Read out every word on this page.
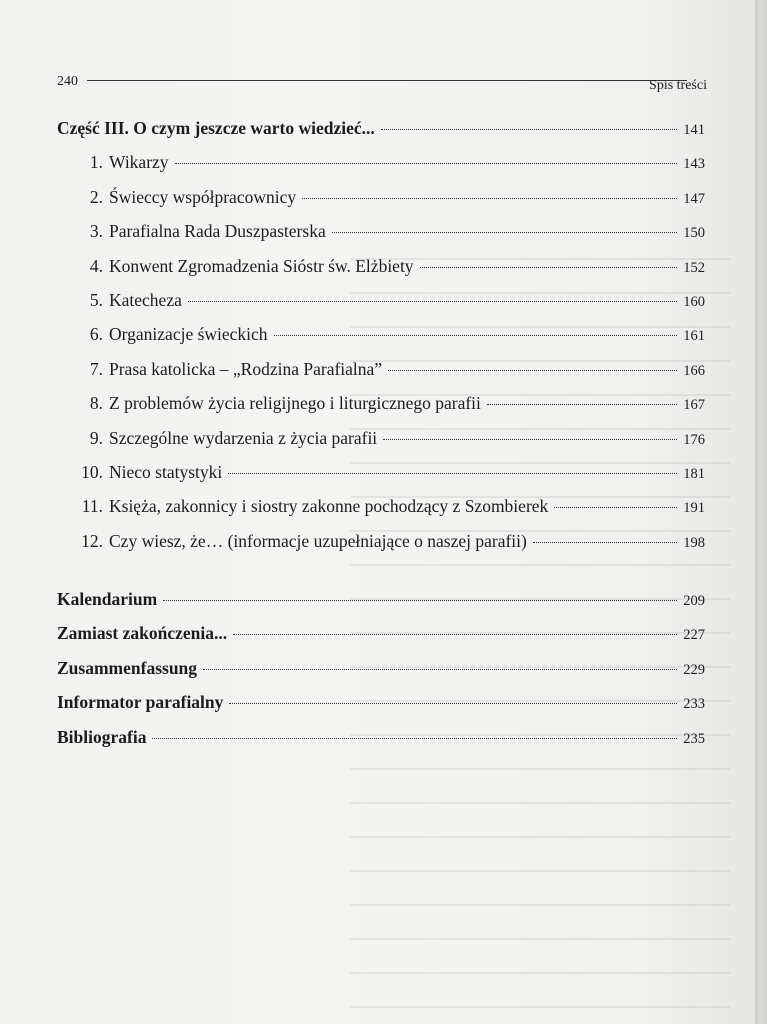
240	Spis treści
Część III. O czym jeszcze warto wiedzieć...	141
1. Wikarzy	143
2. Świeccy współpracownicy	147
3. Parafialna Rada Duszpasterska	150
4. Konwent Zgromadzenia Sióstr św. Elżbiety	152
5. Katecheza	160
6. Organizacje świeckich	161
7. Prasa katolicka – „Rodzina Parafialna”	166
8. Z problemów życia religijnego i liturgicznego parafii	167
9. Szczególne wydarzenia z życia parafii	176
10. Nieco statystyki	181
11. Księża, zakonnicy i siostry zakonne pochodzący z Szombierek	191
12. Czy wiesz, że… (informacje uzupełniające o naszej parafii)	198
Kalendarium	209
Zamiast zakończenia...	227
Zusammenfassung	229
Informator parafialny	233
Bibliografia	235
